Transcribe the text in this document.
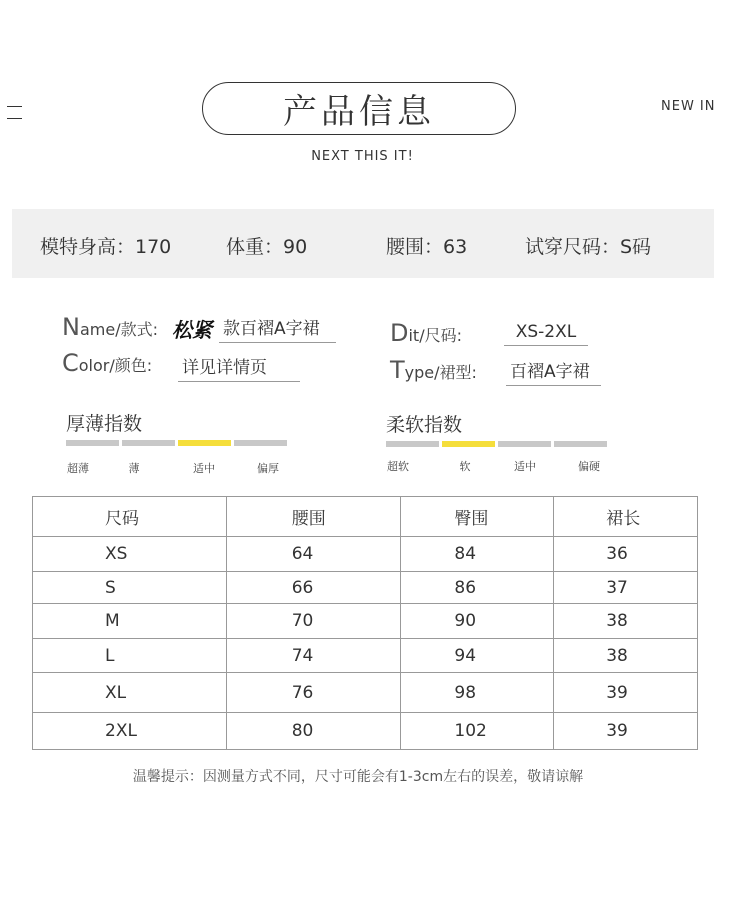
产品信息
NEXT THIS IT!
NEW IN
模特身高：170	体重：90	腰围：63	试穿尺码：S码
Name/款式: 松紧 款百褶A字裙
Color/颜色: 详见详情页
Dit/尺码:	XS-2XL
Type/裙型: 百褶A字裙
厚薄指数
超薄	薄	适中	偏厚
柔软指数
超软	软	适中	偏硬
尺码	腰围	臀围	裙长
XS	64	84	36
S	66	86	37
M	70	90	38
L	74	94	38
XL	76	98	39
2XL	80	102	39
温馨提示：因测量方式不同，尺寸可能会有1-3cm左右的误差，敬请谅解
